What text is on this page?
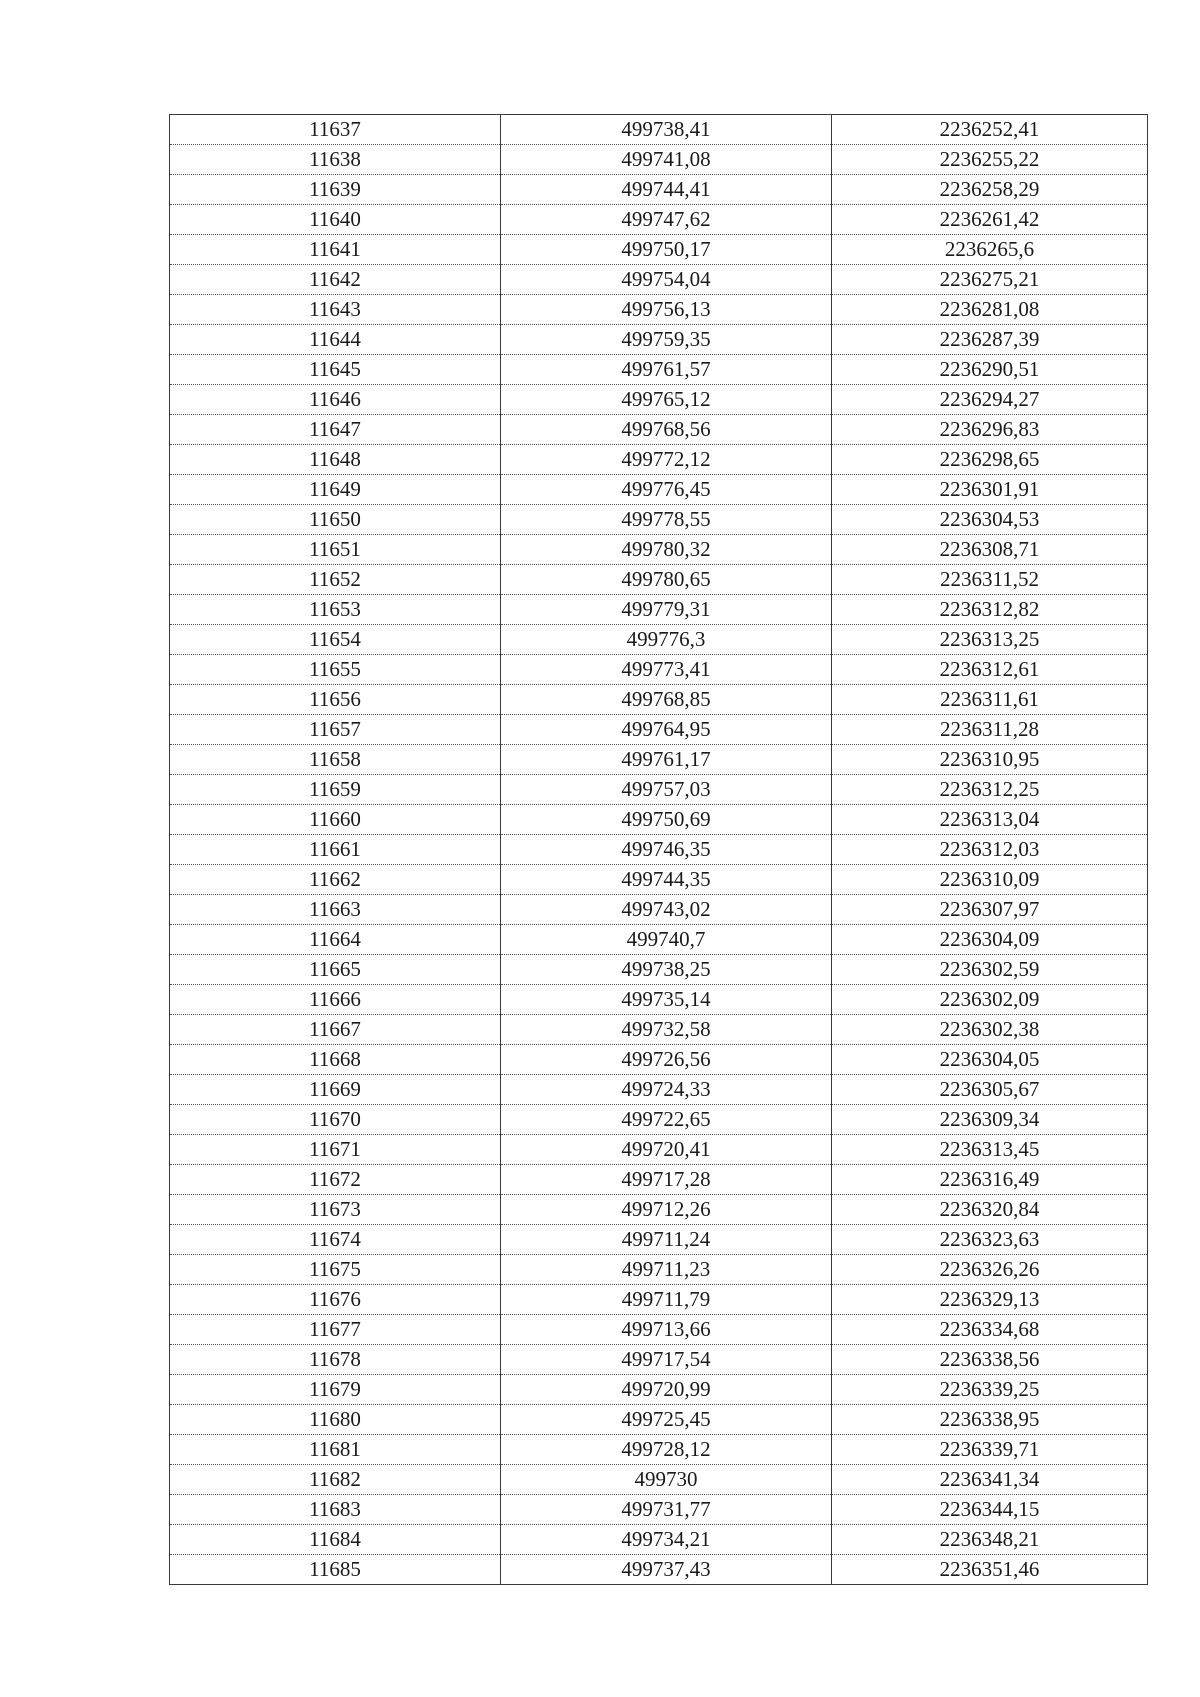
11637	499738,41	2236252,41
11638	499741,08	2236255,22
11639	499744,41	2236258,29
11640	499747,62	2236261,42
11641	499750,17	2236265,6
11642	499754,04	2236275,21
11643	499756,13	2236281,08
11644	499759,35	2236287,39
11645	499761,57	2236290,51
11646	499765,12	2236294,27
11647	499768,56	2236296,83
11648	499772,12	2236298,65
11649	499776,45	2236301,91
11650	499778,55	2236304,53
11651	499780,32	2236308,71
11652	499780,65	2236311,52
11653	499779,31	2236312,82
11654	499776,3	2236313,25
11655	499773,41	2236312,61
11656	499768,85	2236311,61
11657	499764,95	2236311,28
11658	499761,17	2236310,95
11659	499757,03	2236312,25
11660	499750,69	2236313,04
11661	499746,35	2236312,03
11662	499744,35	2236310,09
11663	499743,02	2236307,97
11664	499740,7	2236304,09
11665	499738,25	2236302,59
11666	499735,14	2236302,09
11667	499732,58	2236302,38
11668	499726,56	2236304,05
11669	499724,33	2236305,67
11670	499722,65	2236309,34
11671	499720,41	2236313,45
11672	499717,28	2236316,49
11673	499712,26	2236320,84
11674	499711,24	2236323,63
11675	499711,23	2236326,26
11676	499711,79	2236329,13
11677	499713,66	2236334,68
11678	499717,54	2236338,56
11679	499720,99	2236339,25
11680	499725,45	2236338,95
11681	499728,12	2236339,71
11682	499730	2236341,34
11683	499731,77	2236344,15
11684	499734,21	2236348,21
11685	499737,43	2236351,46
